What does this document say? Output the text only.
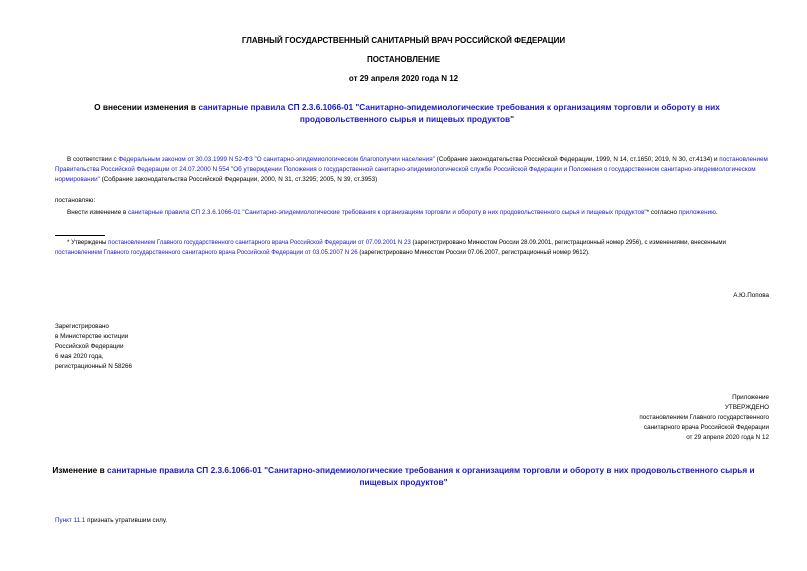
ГЛАВНЫЙ ГОСУДАРСТВЕННЫЙ САНИТАРНЫЙ ВРАЧ РОССИЙСКОЙ ФЕДЕРАЦИИ

ПОСТАНОВЛЕНИЕ

от 29 апреля 2020 года N 12

О внесении изменения в санитарные правила СП 2.3.6.1066-01 "Санитарно-эпидемиологические требования к организациям торговли и обороту в них продовольственного сырья и пищевых продуктов"

В соответствии с Федеральным законом от 30.03.1999 N 52-ФЗ "О санитарно-эпидемиологическом благополучии населения" (Собрание законодательства Российской Федерации, 1999, N 14, ст.1650; 2019, N 30, ст.4134) и постановлением Правительства Российской Федерации от 24.07.2000 N 554 "Об утверждении Положения о государственной санитарно-эпидемиологической службе Российской Федерации и Положения о государственном санитарно-эпидемиологическом нормировании" (Собрание законодательства Российской Федерации, 2000, N 31, ст.3295; 2005, N 39, ст.3953)

постановляю:

Внести изменение в санитарные правила СП 2.3.6.1066-01 "Санитарно-эпидемиологические требования к организациям торговли и обороту в них продовольственного сырья и пищевых продуктов"* согласно приложению.

* Утверждены постановлением Главного государственного санитарного врача Российской Федерации от 07.09.2001 N 23 (зарегистрировано Минюстом России 28.09.2001, регистрационный номер 2956), с изменениями, внесенными постановлением Главного государственного санитарного врача Российской Федерации от 03.05.2007 N 26 (зарегистрировано Минюстом России 07.06.2007, регистрационный номер 9612).

А.Ю.Попова

Зарегистрировано
в Министерстве юстиции
Российской Федерации
6 мая 2020 года,
регистрационный N 58266
Приложение
УТВЕРЖДЕНО
постановлением Главного государственного
санитарного врача Российской Федерации
от 29 апреля 2020 года N 12

Изменение в санитарные правила СП 2.3.6.1066-01 "Санитарно-эпидемиологические требования к организациям торговли и обороту в них продовольственного сырья и пищевых продуктов"

Пункт 11.1 признать утратившим силу.
